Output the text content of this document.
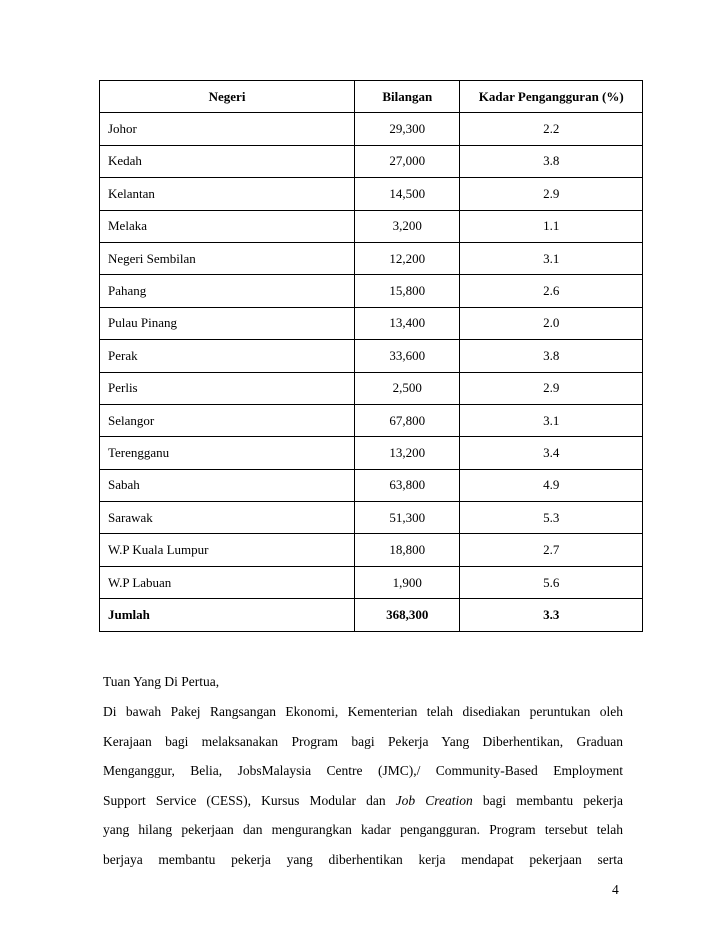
Negeri	Bilangan	Kadar Pengangguran (%)
Johor	29,300	2.2
Kedah	27,000	3.8
Kelantan	14,500	2.9
Melaka	3,200	1.1
Negeri Sembilan	12,200	3.1
Pahang	15,800	2.6
Pulau Pinang	13,400	2.0
Perak	33,600	3.8
Perlis	2,500	2.9
Selangor	67,800	3.1
Terengganu	13,200	3.4
Sabah	63,800	4.9
Sarawak	51,300	5.3
W.P Kuala Lumpur	18,800	2.7
W.P Labuan	1,900	5.6
Jumlah	368,300	3.3
Tuan Yang Di Pertua,
Di bawah Pakej Rangsangan Ekonomi, Kementerian telah disediakan peruntukan oleh
Kerajaan bagi melaksanakan Program bagi Pekerja Yang Diberhentikan, Graduan
Menganggur, Belia, JobsMalaysia Centre (JMC),/ Community-Based Employment
Support Service (CESS), Kursus Modular dan Job Creation bagi membantu pekerja
yang hilang pekerjaan dan mengurangkan kadar pengangguran. Program tersebut telah
berjaya membantu pekerja yang diberhentikan kerja mendapat pekerjaan serta
4
